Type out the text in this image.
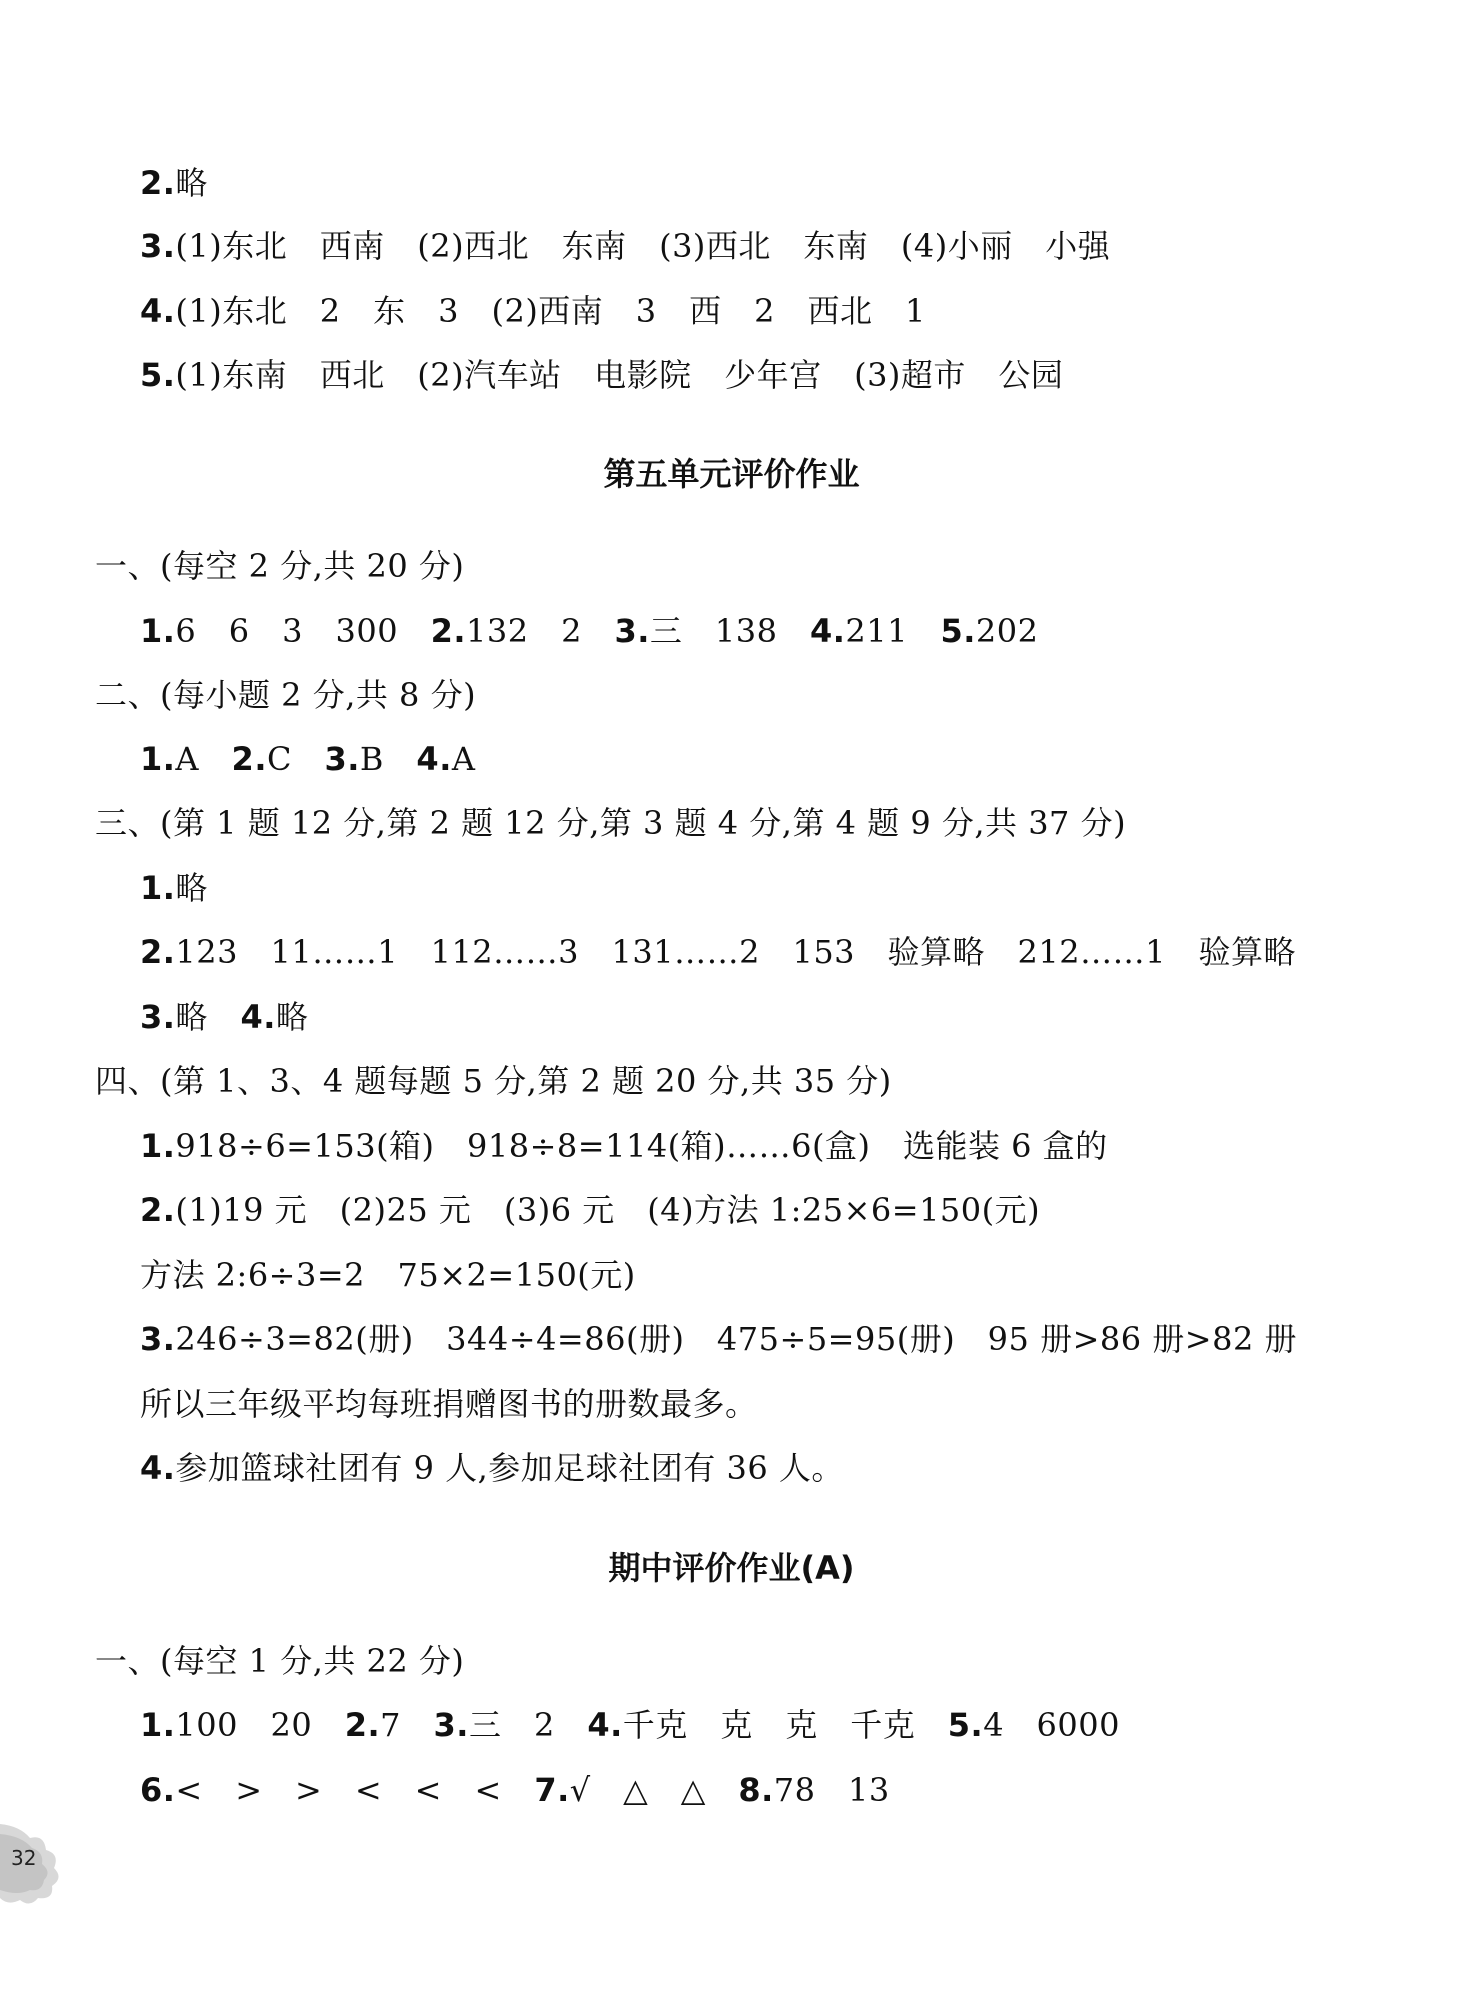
2.略
3.(1)东北　西南　(2)西北　东南　(3)西北　东南　(4)小丽　小强
4.(1)东北　2　东　3　(2)西南　3　西　2　西北　1
5.(1)东南　西北　(2)汽车站　电影院　少年宫　(3)超市　公园
第五单元评价作业
一、(每空 2 分,共 20 分)
1.6　6　3　300　2.132　2　3.三　138　4.211　5.202
二、(每小题 2 分,共 8 分)
1.A　2.C　3.B　4.A
三、(第 1 题 12 分,第 2 题 12 分,第 3 题 4 分,第 4 题 9 分,共 37 分)
1.略
2.123　11……1　112……3　131……2　153　验算略　212……1　验算略
3.略　4.略
四、(第 1、3、4 题每题 5 分,第 2 题 20 分,共 35 分)
1.918÷6=153(箱)　918÷8=114(箱)……6(盒)　选能装 6 盒的
2.(1)19 元　(2)25 元　(3)6 元　(4)方法 1:25×6=150(元)
方法 2:6÷3=2　75×2=150(元)
3.246÷3=82(册)　344÷4=86(册)　475÷5=95(册)　95 册>86 册>82 册
所以三年级平均每班捐赠图书的册数最多。
4.参加篮球社团有 9 人,参加足球社团有 36 人。
期中评价作业(A)
一、(每空 1 分,共 22 分)
1.100　20　2.7　3.三　2　4.千克　克　克　千克　5.4　6000
6.<　>　>　<　<　<　7.√　△　△　8.78　13
32
